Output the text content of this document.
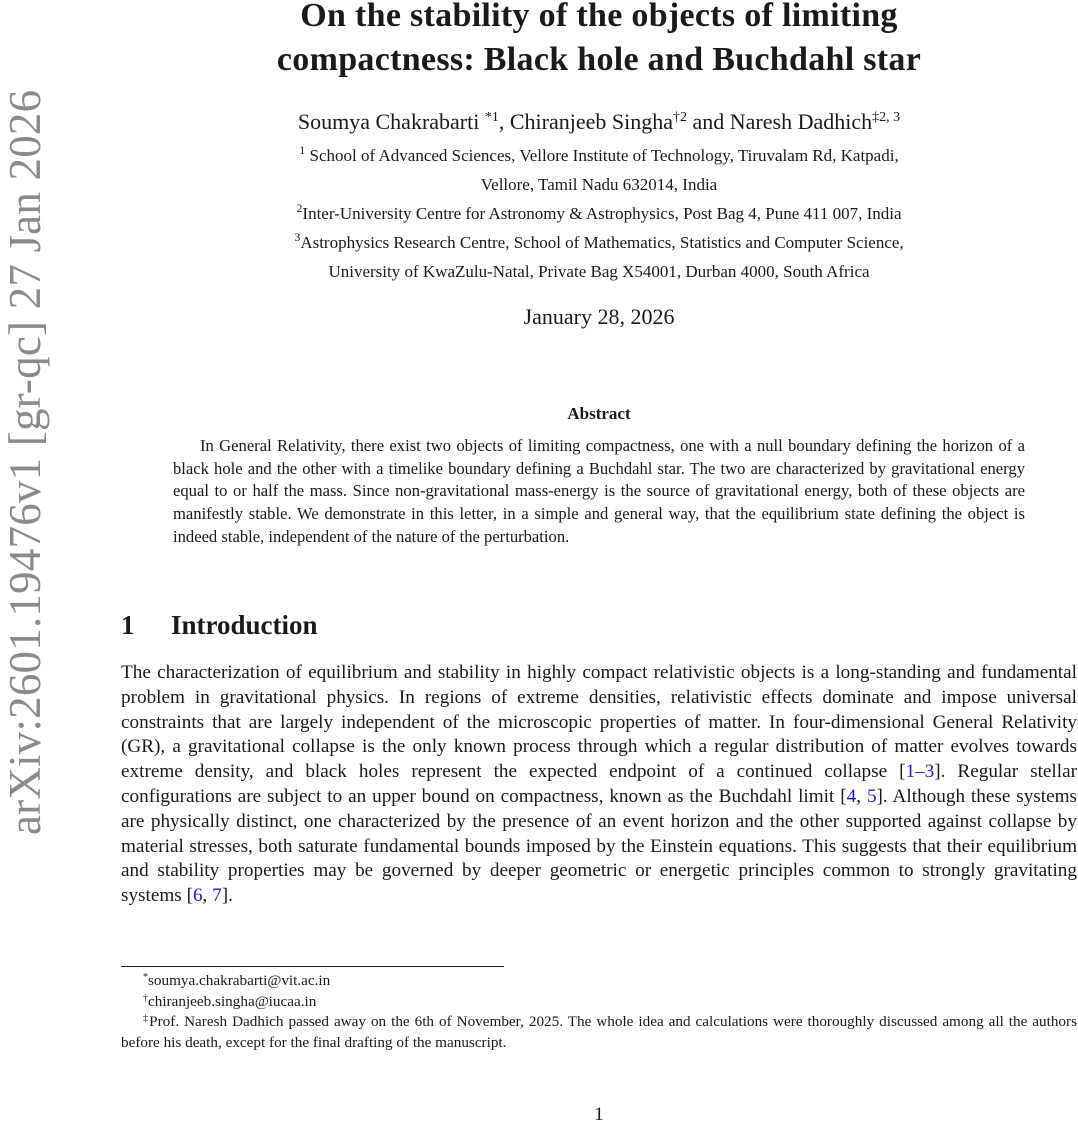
arXiv:2601.19476v1 [gr-qc] 27 Jan 2026
On the stability of the objects of limiting
compactness: Black hole and Buchdahl star
Soumya Chakrabarti $^{*1}$, Chiranjeeb Singha$^{\dagger 2}$ and Naresh Dadhich$^{\ddagger 2, 3}$
$^1$ School of Advanced Sciences, Vellore Institute of Technology, Tiruvalam Rd, Katpadi,
Vellore, Tamil Nadu 632014, India
$^2$Inter-University Centre for Astronomy & Astrophysics, Post Bag 4, Pune 411 007, India
$^3$Astrophysics Research Centre, School of Mathematics, Statistics and Computer Science,
University of KwaZulu-Natal, Private Bag X54001, Durban 4000, South Africa
January 28, 2026
Abstract
In General Relativity, there exist two objects of limiting compactness, one with a null boundary defining the horizon of a black hole and the other with a timelike boundary defining a Buchdahl star. The two are characterized by gravitational energy equal to or half the mass. Since non-gravitational mass-energy is the source of gravitational energy, both of these objects are manifestly stable. We demonstrate in this letter, in a simple and general way, that the equilibrium state defining the object is indeed stable, independent of the nature of the perturbation.
1 Introduction
The characterization of equilibrium and stability in highly compact relativistic objects is a long-standing and fundamental problem in gravitational physics. In regions of extreme densities, relativistic effects dominate and impose universal constraints that are largely independent of the microscopic properties of matter. In four-dimensional General Relativity (GR), a gravitational collapse is the only known process through which a regular distribution of matter evolves towards extreme density, and black holes represent the expected endpoint of a continued collapse [1–3]. Regular stellar configurations are subject to an upper bound on compactness, known as the Buchdahl limit [4, 5]. Although these systems are physically distinct, one characterized by the presence of an event horizon and the other supported against collapse by material stresses, both saturate fundamental bounds imposed by the Einstein equations. This suggests that their equilibrium and stability properties may be governed by deeper geometric or energetic principles common to strongly gravitating systems [6, 7].
*soumya.chakrabarti@vit.ac.in
†chiranjeeb.singha@iucaa.in
‡Prof. Naresh Dadhich passed away on the 6th of November, 2025. The whole idea and calculations were thoroughly discussed among all the authors before his death, except for the final drafting of the manuscript.
1
